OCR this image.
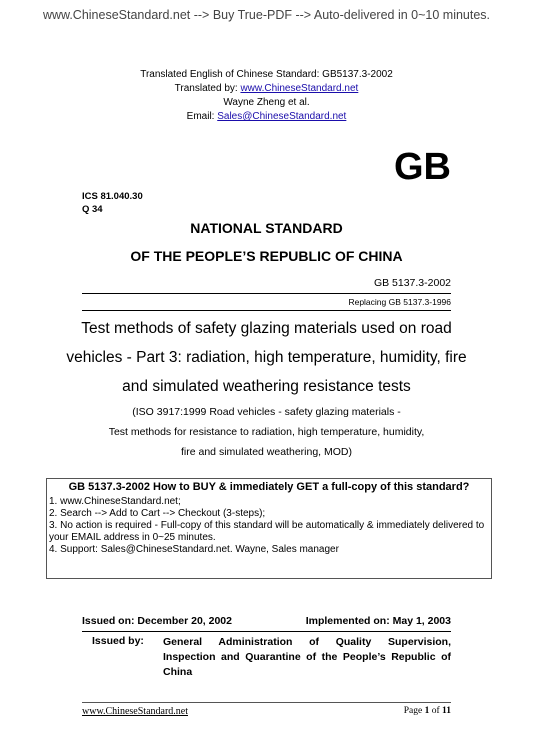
www.ChineseStandard.net --> Buy True-PDF --> Auto-delivered in 0~10 minutes.
Translated English of Chinese Standard: GB5137.3-2002
Translated by: www.ChineseStandard.net
Wayne Zheng et al.
Email: Sales@ChineseStandard.net
GB
ICS 81.040.30
Q 34
NATIONAL STANDARD
OF THE PEOPLE’S REPUBLIC OF CHINA
GB 5137.3-2002
Replacing GB 5137.3-1996
Test methods of safety glazing materials used on road
vehicles - Part 3: radiation, high temperature, humidity, fire
and simulated weathering resistance tests
(ISO 3917:1999 Road vehicles - safety glazing materials -
Test methods for resistance to radiation, high temperature, humidity,
fire and simulated weathering, MOD)
GB 5137.3-2002 How to BUY & immediately GET a full-copy of this standard?
1. www.ChineseStandard.net;
2. Search --> Add to Cart --> Checkout (3-steps);
3. No action is required - Full-copy of this standard will be automatically & immediately delivered to
your EMAIL address in 0~25 minutes.
4. Support: Sales@ChineseStandard.net. Wayne, Sales manager
Issued on: December 20, 2002	Implemented on: May 1, 2003
Issued by: General Administration of Quality Supervision, Inspection and Quarantine of the People’s Republic of China
www.ChineseStandard.net	Page 1 of 11
